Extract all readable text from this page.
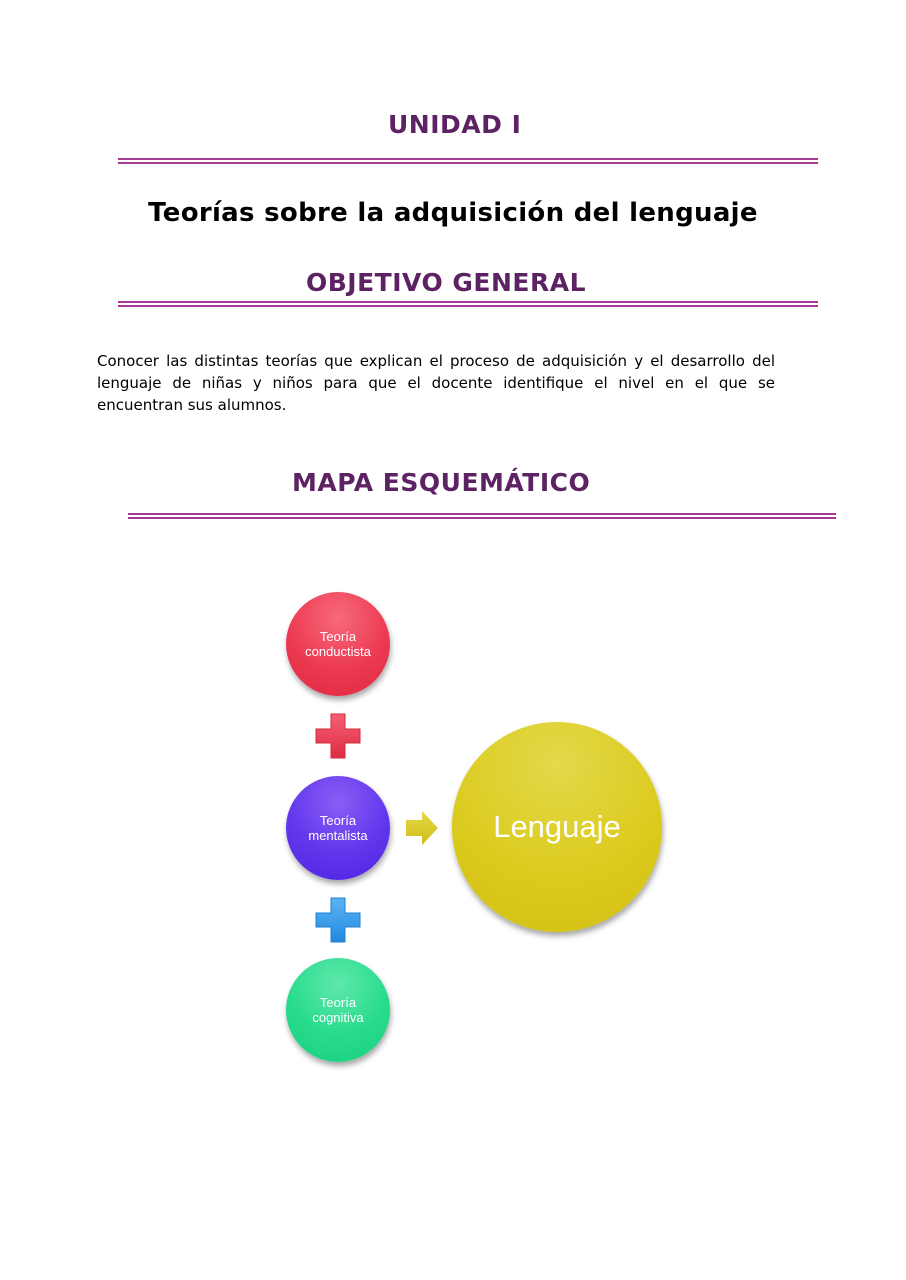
UNIDAD I
Teorías sobre la adquisición del lenguaje
OBJETIVO GENERAL

Conocer las distintas teorías que explican el proceso de adquisición y el desarrollo del lenguaje de niñas y niños para que el docente identifique el nivel en el que se encuentran sus alumnos.

MAPA ESQUEMÁTICO
Teoría conductista
Teoría mentalista	Lenguaje
Teoría cognitiva
